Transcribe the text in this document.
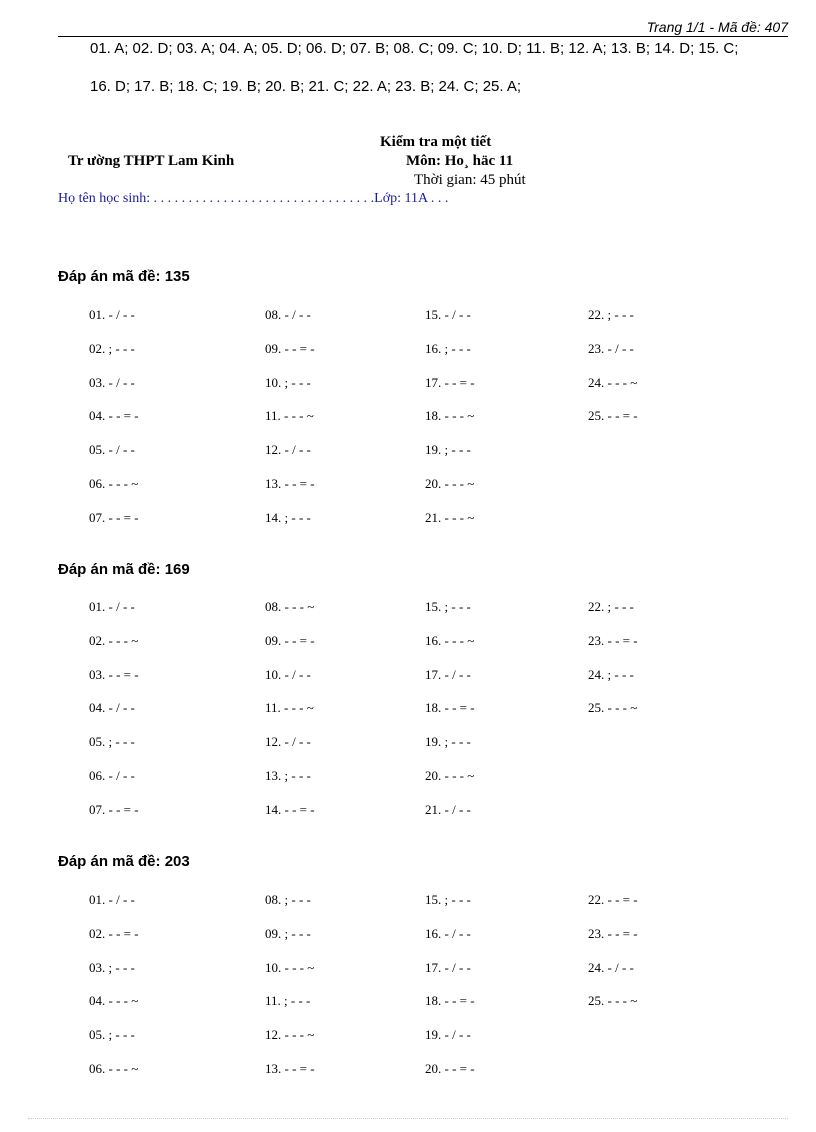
Trang 1/1 - Mã đề: 407

01. A; 02. D; 03. A; 04. A; 05. D; 06. D; 07. B; 08. C; 09. C; 10. D; 11. B; 12. A; 13. B; 14. D; 15. C;

16. D; 17. B; 18. C; 19. B; 20. B; 21. C; 22. A; 23. B; 24. C; 25. A;

Kiểm tra một tiết
Tr ường THPT Lam Kinh	Môn: Ho¸ häc 11
Thời gian: 45 phút
Họ tên học sinh: . . . . . . . . . . . . . . . . . . . . . . . . . . . . . . . .Lớp: 11A . . .
Đáp án mã đề: 135
01. - / - -
02. ; - - -
03. - / - -
04. - - = -
05. - / - -
06. - - - ~
07. - - = -
08. - / - -
09. - - = -
10. ; - - -
11. - - - ~
12. - / - -
13. - - = -
14. ; - - -
15. - / - -
16. ; - - -
17. - - = -
18. - - - ~
19. ; - - -
20. - - - ~
21. - - - ~
22. ; - - -
23. - / - -
24. - - - ~
25. - - = -
Đáp án mã đề: 169
01. - / - -
02. - - - ~
03. - - = -
04. - / - -
05. ; - - -
06. - / - -
07. - - = -
08. - - - ~
09. - - = -
10. - / - -
11. - - - ~
12. - / - -
13. ; - - -
14. - - = -
15. ; - - -
16. - - - ~
17. - / - -
18. - - = -
19. ; - - -
20. - - - ~
21. - / - -
22. ; - - -
23. - - = -
24. ; - - -
25. - - - ~
Đáp án mã đề: 203
01. - / - -
02. - - = -
03. ; - - -
04. - - - ~
05. ; - - -
06. - - - ~
08. ; - - -
09. ; - - -
10. - - - ~
11. ; - - -
12. - - - ~
13. - - = -
15. ; - - -
16. - / - -
17. - / - -
18. - - = -
19. - / - -
20. - - = -
22. - - = -
23. - - = -
24. - / - -
25. - - - ~
